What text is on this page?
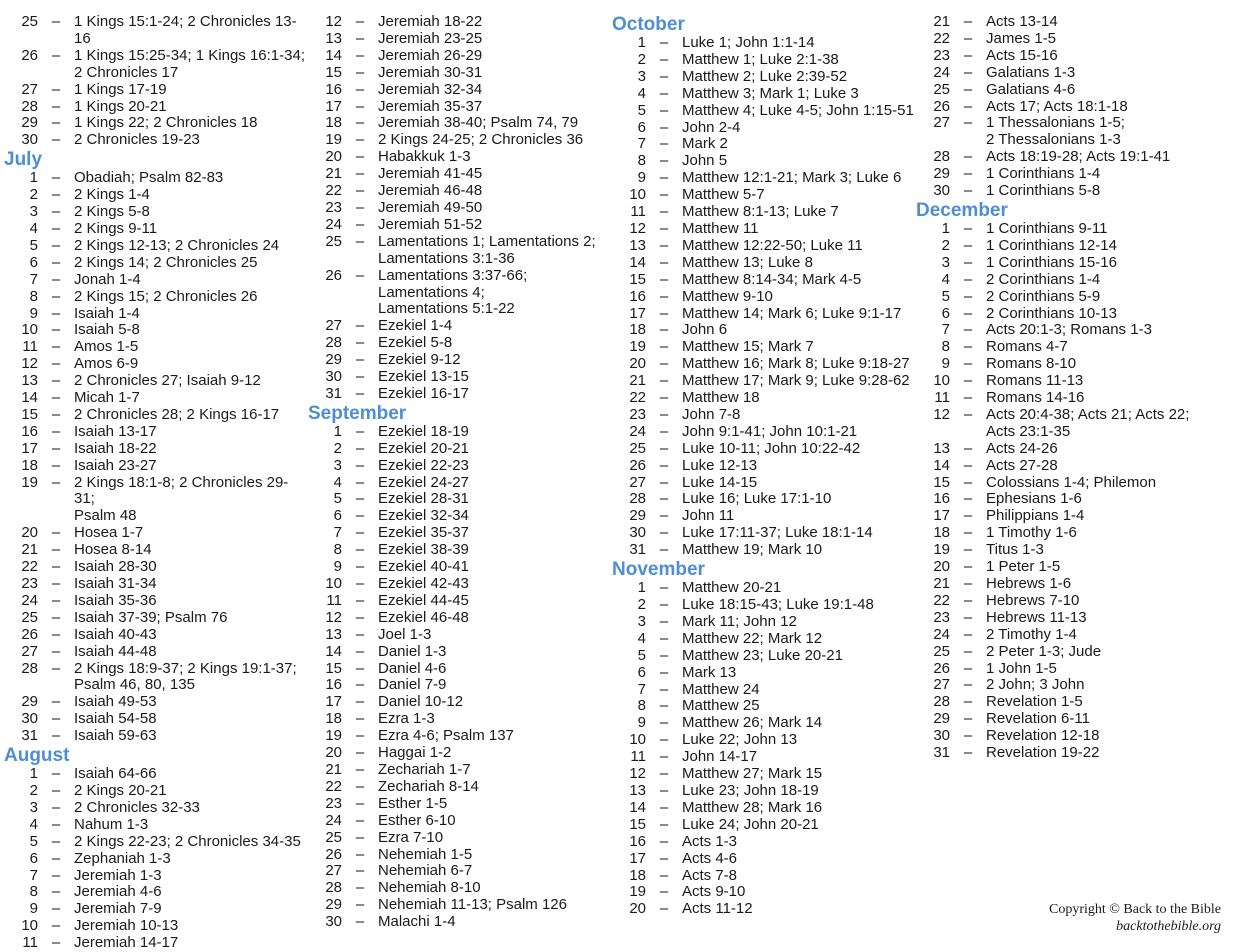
25 – 1 Kings 15:1-24; 2 Chronicles 13-16
26 – 1 Kings 15:25-34; 1 Kings 16:1-34;
2 Chronicles 17
27 – 1 Kings 17-19
28 – 1 Kings 20-21
29 – 1 Kings 22; 2 Chronicles 18
30 – 2 Chronicles 19-23
July
1 – Obadiah; Psalm 82-83
2 – 2 Kings 1-4
3 – 2 Kings 5-8
4 – 2 Kings 9-11
5 – 2 Kings 12-13; 2 Chronicles 24
6 – 2 Kings 14; 2 Chronicles 25
7 – Jonah 1-4
8 – 2 Kings 15; 2 Chronicles 26
9 – Isaiah 1-4
10 – Isaiah 5-8
11 – Amos 1-5
12 – Amos 6-9
13 – 2 Chronicles 27; Isaiah 9-12
14 – Micah 1-7
15 – 2 Chronicles 28; 2 Kings 16-17
16 – Isaiah 13-17
17 – Isaiah 18-22
18 – Isaiah 23-27
19 – 2 Kings 18:1-8; 2 Chronicles 29-31;
Psalm 48
20 – Hosea 1-7
21 – Hosea 8-14
22 – Isaiah 28-30
23 – Isaiah 31-34
24 – Isaiah 35-36
25 – Isaiah 37-39; Psalm 76
26 – Isaiah 40-43
27 – Isaiah 44-48
28 – 2 Kings 18:9-37; 2 Kings 19:1-37;
Psalm 46, 80, 135
29 – Isaiah 49-53
30 – Isaiah 54-58
31 – Isaiah 59-63
August
1 – Isaiah 64-66
2 – 2 Kings 20-21
3 – 2 Chronicles 32-33
4 – Nahum 1-3
5 – 2 Kings 22-23; 2 Chronicles 34-35
6 – Zephaniah 1-3
7 – Jeremiah 1-3
8 – Jeremiah 4-6
9 – Jeremiah 7-9
10 – Jeremiah 10-13
11 – Jeremiah 14-17
12 – Jeremiah 18-22
13 – Jeremiah 23-25
14 – Jeremiah 26-29
15 – Jeremiah 30-31
16 – Jeremiah 32-34
17 – Jeremiah 35-37
18 – Jeremiah 38-40; Psalm 74, 79
19 – 2 Kings 24-25; 2 Chronicles 36
20 – Habakkuk 1-3
21 – Jeremiah 41-45
22 – Jeremiah 46-48
23 – Jeremiah 49-50
24 – Jeremiah 51-52
25 – Lamentations 1; Lamentations 2;
Lamentations 3:1-36
26 – Lamentations 3:37-66;
Lamentations 4;
Lamentations 5:1-22
27 – Ezekiel 1-4
28 – Ezekiel 5-8
29 – Ezekiel 9-12
30 – Ezekiel 13-15
31 – Ezekiel 16-17
September
1 – Ezekiel 18-19
2 – Ezekiel 20-21
3 – Ezekiel 22-23
4 – Ezekiel 24-27
5 – Ezekiel 28-31
6 – Ezekiel 32-34
7 – Ezekiel 35-37
8 – Ezekiel 38-39
9 – Ezekiel 40-41
10 – Ezekiel 42-43
11 – Ezekiel 44-45
12 – Ezekiel 46-48
13 – Joel 1-3
14 – Daniel 1-3
15 – Daniel 4-6
16 – Daniel 7-9
17 – Daniel 10-12
18 – Ezra 1-3
19 – Ezra 4-6; Psalm 137
20 – Haggai 1-2
21 – Zechariah 1-7
22 – Zechariah 8-14
23 – Esther 1-5
24 – Esther 6-10
25 – Ezra 7-10
26 – Nehemiah 1-5
27 – Nehemiah 6-7
28 – Nehemiah 8-10
29 – Nehemiah 11-13; Psalm 126
30 – Malachi 1-4
October
1 – Luke 1; John 1:1-14
2 – Matthew 1; Luke 2:1-38
3 – Matthew 2; Luke 2:39-52
4 – Matthew 3; Mark 1; Luke 3
5 – Matthew 4; Luke 4-5; John 1:15-51
6 – John 2-4
7 – Mark 2
8 – John 5
9 – Matthew 12:1-21; Mark 3; Luke 6
10 – Matthew 5-7
11 – Matthew 8:1-13; Luke 7
12 – Matthew 11
13 – Matthew 12:22-50; Luke 11
14 – Matthew 13; Luke 8
15 – Matthew 8:14-34; Mark 4-5
16 – Matthew 9-10
17 – Matthew 14; Mark 6; Luke 9:1-17
18 – John 6
19 – Matthew 15; Mark 7
20 – Matthew 16; Mark 8; Luke 9:18-27
21 – Matthew 17; Mark 9; Luke 9:28-62
22 – Matthew 18
23 – John 7-8
24 – John 9:1-41; John 10:1-21
25 – Luke 10-11; John 10:22-42
26 – Luke 12-13
27 – Luke 14-15
28 – Luke 16; Luke 17:1-10
29 – John 11
30 – Luke 17:11-37; Luke 18:1-14
31 – Matthew 19; Mark 10
November
1 – Matthew 20-21
2 – Luke 18:15-43; Luke 19:1-48
3 – Mark 11; John 12
4 – Matthew 22; Mark 12
5 – Matthew 23; Luke 20-21
6 – Mark 13
7 – Matthew 24
8 – Matthew 25
9 – Matthew 26; Mark 14
10 – Luke 22; John 13
11 – John 14-17
12 – Matthew 27; Mark 15
13 – Luke 23; John 18-19
14 – Matthew 28; Mark 16
15 – Luke 24; John 20-21
16 – Acts 1-3
17 – Acts 4-6
18 – Acts 7-8
19 – Acts 9-10
20 – Acts 11-12
21 – Acts 13-14
22 – James 1-5
23 – Acts 15-16
24 – Galatians 1-3
25 – Galatians 4-6
26 – Acts 17; Acts 18:1-18
27 – 1 Thessalonians 1-5;
2 Thessalonians 1-3
28 – Acts 18:19-28; Acts 19:1-41
29 – 1 Corinthians 1-4
30 – 1 Corinthians 5-8
December
1 – 1 Corinthians 9-11
2 – 1 Corinthians 12-14
3 – 1 Corinthians 15-16
4 – 2 Corinthians 1-4
5 – 2 Corinthians 5-9
6 – 2 Corinthians 10-13
7 – Acts 20:1-3; Romans 1-3
8 – Romans 4-7
9 – Romans 8-10
10 – Romans 11-13
11 – Romans 14-16
12 – Acts 20:4-38; Acts 21; Acts 22;
Acts 23:1-35
13 – Acts 24-26
14 – Acts 27-28
15 – Colossians 1-4; Philemon
16 – Ephesians 1-6
17 – Philippians 1-4
18 – 1 Timothy 1-6
19 – Titus 1-3
20 – 1 Peter 1-5
21 – Hebrews 1-6
22 – Hebrews 7-10
23 – Hebrews 11-13
24 – 2 Timothy 1-4
25 – 2 Peter 1-3; Jude
26 – 1 John 1-5
27 – 2 John; 3 John
28 – Revelation 1-5
29 – Revelation 6-11
30 – Revelation 12-18
31 – Revelation 19-22
Copyright © Back to the Bible
backtothebible.org
